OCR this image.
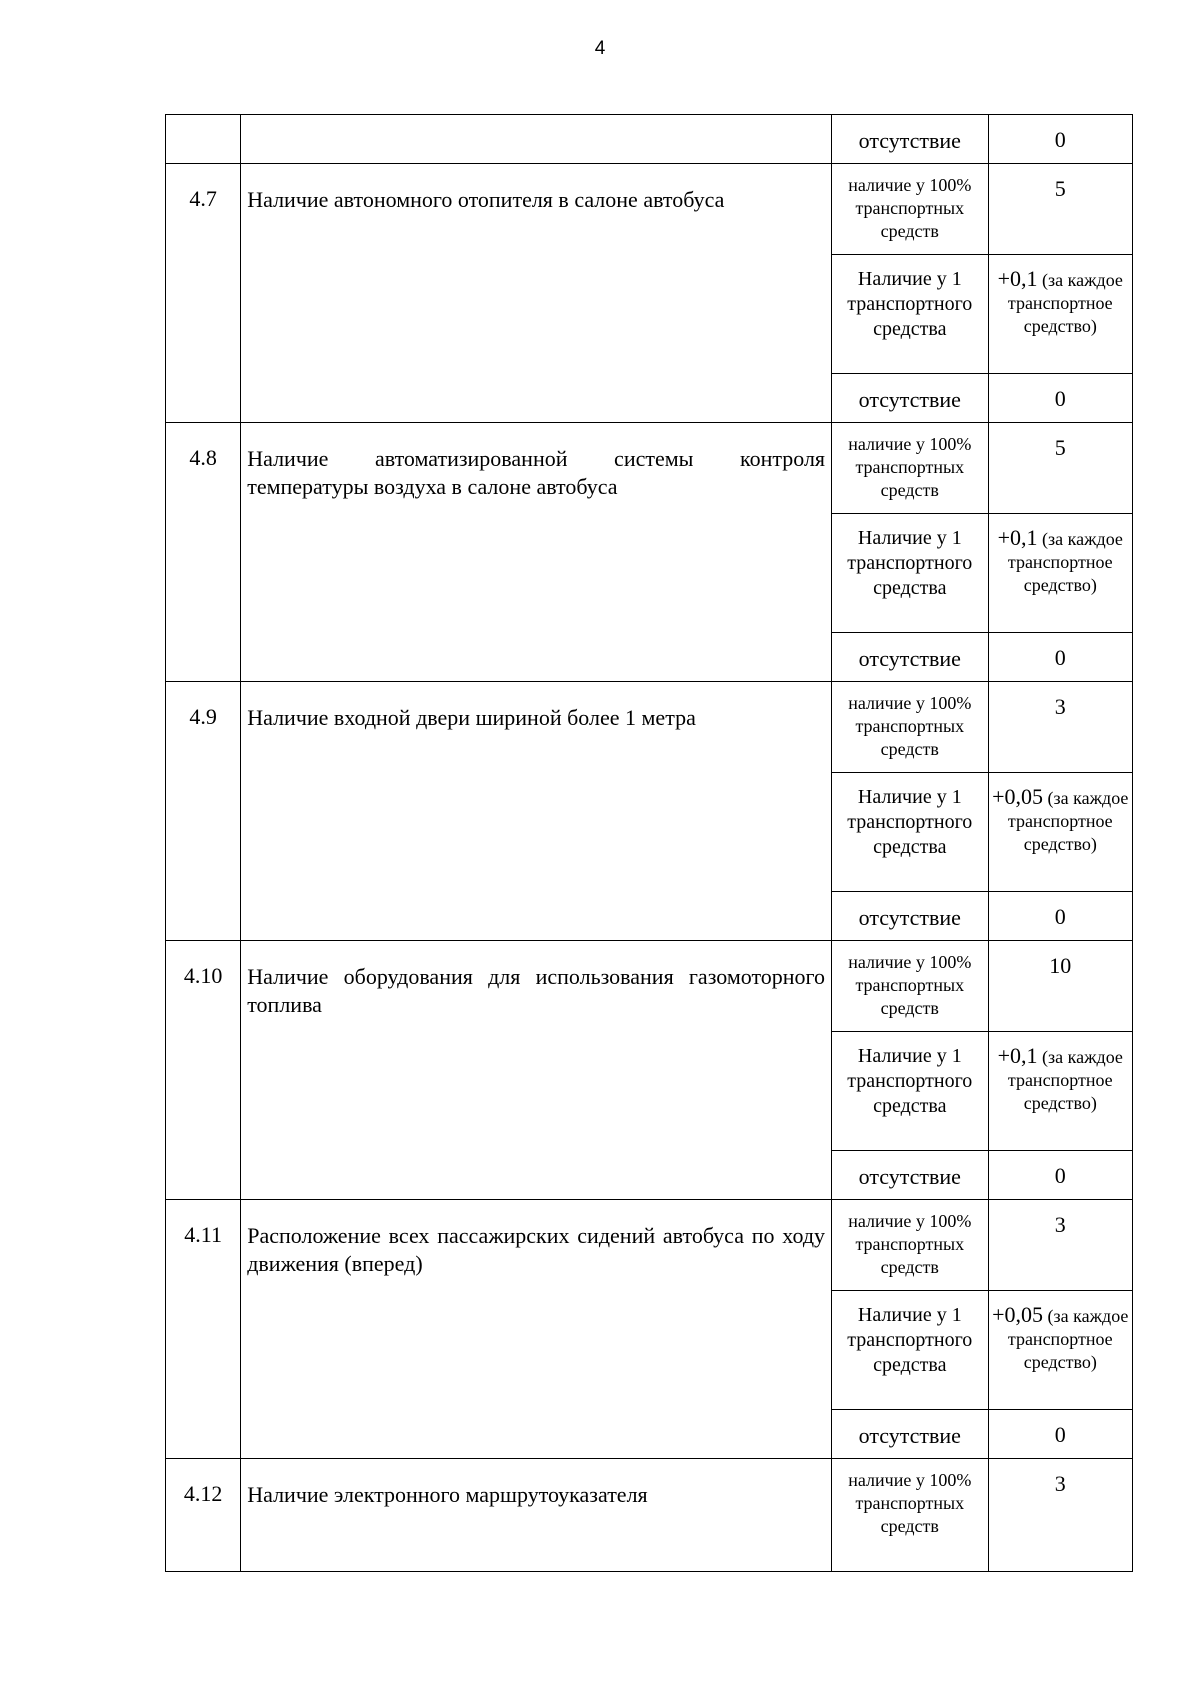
4

		отсутствие	0

4.7	Наличие автономного отопителя в салоне автобуса	наличие у 100% транспортных средств	5

		Наличие у 1 транспортного средства	+0,1 (за каждое транспортное средство)

		отсутствие	0

4.8	Наличие автоматизированной системы контроля температуры воздуха в салоне автобуса	наличие у 100% транспортных средств	5

		Наличие у 1 транспортного средства	+0,1 (за каждое транспортное средство)

		отсутствие	0

4.9	Наличие входной двери шириной более 1 метра	наличие у 100% транспортных средств	3

		Наличие у 1 транспортного средства	+0,05 (за каждое транспортное средство)

		отсутствие	0

4.10	Наличие оборудования для использования газомоторного топлива	наличие у 100% транспортных средств	10

		Наличие у 1 транспортного средства	+0,1 (за каждое транспортное средство)

		отсутствие	0

4.11	Расположение всех пассажирских сидений автобуса по ходу движения (вперед)	наличие у 100% транспортных средств	3

		Наличие у 1 транспортного средства	+0,05 (за каждое транспортное средство)

		отсутствие	0

4.12	Наличие электронного маршрутоуказателя	наличие у 100% транспортных средств	3
